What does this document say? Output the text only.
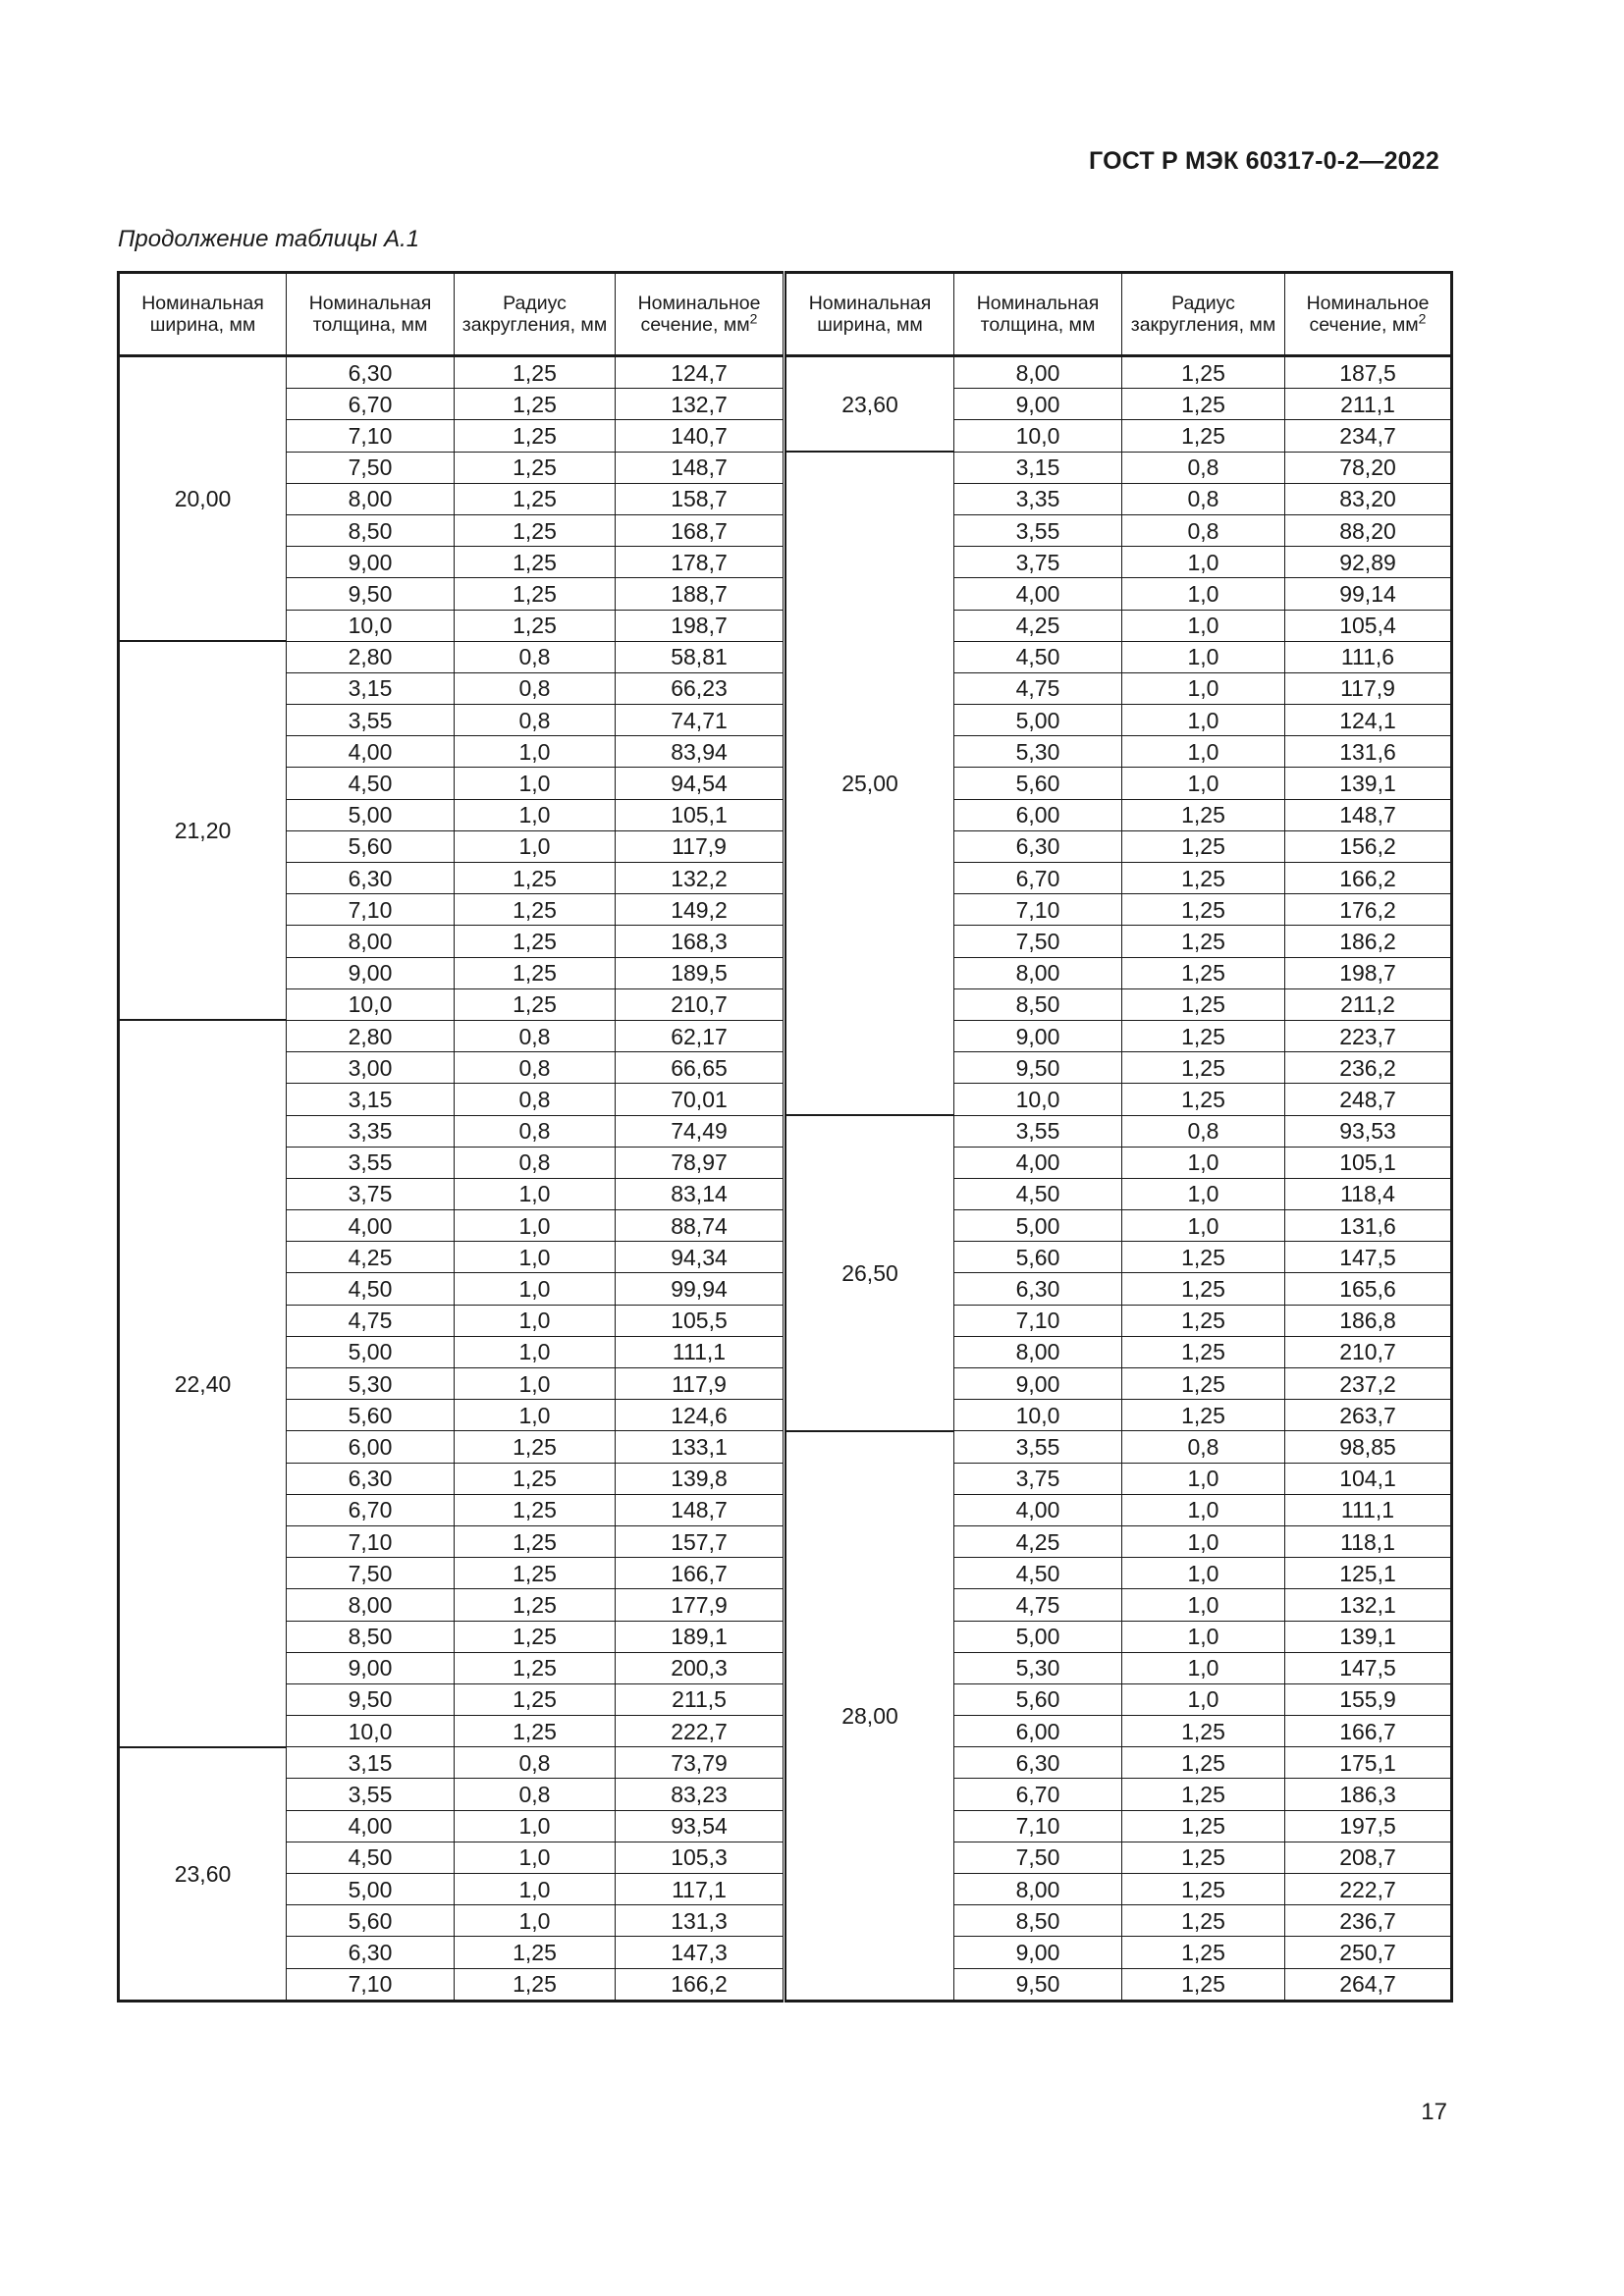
ГОСТ Р МЭК 60317-0-2—2022
Продолжение таблицы А.1
Номинальная ширина, мм	Номинальная толщина, мм	Радиус закругления, мм	Номинальное сечение, $мм^2$
20,00	6,30	1,25	124,7
	6,70	1,25	132,7
	7,10	1,25	140,7
	7,50	1,25	148,7
	8,00	1,25	158,7
	8,50	1,25	168,7
	9,00	1,25	178,7
	9,50	1,25	188,7
	10,0	1,25	198,7
21,20	2,80	0,8	58,81
	3,15	0,8	66,23
	3,55	0,8	74,71
	4,00	1,0	83,94
	4,50	1,0	94,54
	5,00	1,0	105,1
	5,60	1,0	117,9
	6,30	1,25	132,2
	7,10	1,25	149,2
	8,00	1,25	168,3
	9,00	1,25	189,5
	10,0	1,25	210,7
22,40	2,80	0,8	62,17
	3,00	0,8	66,65
	3,15	0,8	70,01
	3,35	0,8	74,49
	3,55	0,8	78,97
	3,75	1,0	83,14
	4,00	1,0	88,74
	4,25	1,0	94,34
	4,50	1,0	99,94
	4,75	1,0	105,5
	5,00	1,0	111,1
	5,30	1,0	117,9
	5,60	1,0	124,6
	6,00	1,25	133,1
	6,30	1,25	139,8
	6,70	1,25	148,7
	7,10	1,25	157,7
	7,50	1,25	166,7
	8,00	1,25	177,9
	8,50	1,25	189,1
	9,00	1,25	200,3
	9,50	1,25	211,5
	10,0	1,25	222,7
23,60	3,15	0,8	73,79
	3,55	0,8	83,23
	4,00	1,0	93,54
	4,50	1,0	105,3
	5,00	1,0	117,1
	5,60	1,0	131,3
	6,30	1,25	147,3
	7,10	1,25	166,2
Номинальная ширина, мм	Номинальная толщина, мм	Радиус закругления, мм	Номинальное сечение, $мм^2$
23,60	8,00	1,25	187,5
	9,00	1,25	211,1
	10,0	1,25	234,7
25,00	3,15	0,8	78,20
	3,35	0,8	83,20
	3,55	0,8	88,20
	3,75	1,0	92,89
	4,00	1,0	99,14
	4,25	1,0	105,4
	4,50	1,0	111,6
	4,75	1,0	117,9
	5,00	1,0	124,1
	5,30	1,0	131,6
	5,60	1,0	139,1
	6,00	1,25	148,7
	6,30	1,25	156,2
	6,70	1,25	166,2
	7,10	1,25	176,2
	7,50	1,25	186,2
	8,00	1,25	198,7
	8,50	1,25	211,2
	9,00	1,25	223,7
	9,50	1,25	236,2
	10,0	1,25	248,7
26,50	3,55	0,8	93,53
	4,00	1,0	105,1
	4,50	1,0	118,4
	5,00	1,0	131,6
	5,60	1,25	147,5
	6,30	1,25	165,6
	7,10	1,25	186,8
	8,00	1,25	210,7
	9,00	1,25	237,2
	10,0	1,25	263,7
28,00	3,55	0,8	98,85
	3,75	1,0	104,1
	4,00	1,0	111,1
	4,25	1,0	118,1
	4,50	1,0	125,1
	4,75	1,0	132,1
	5,00	1,0	139,1
	5,30	1,0	147,5
	5,60	1,0	155,9
	6,00	1,25	166,7
	6,30	1,25	175,1
	6,70	1,25	186,3
	7,10	1,25	197,5
	7,50	1,25	208,7
	8,00	1,25	222,7
	8,50	1,25	236,7
	9,00	1,25	250,7
	9,50	1,25	264,7
17
